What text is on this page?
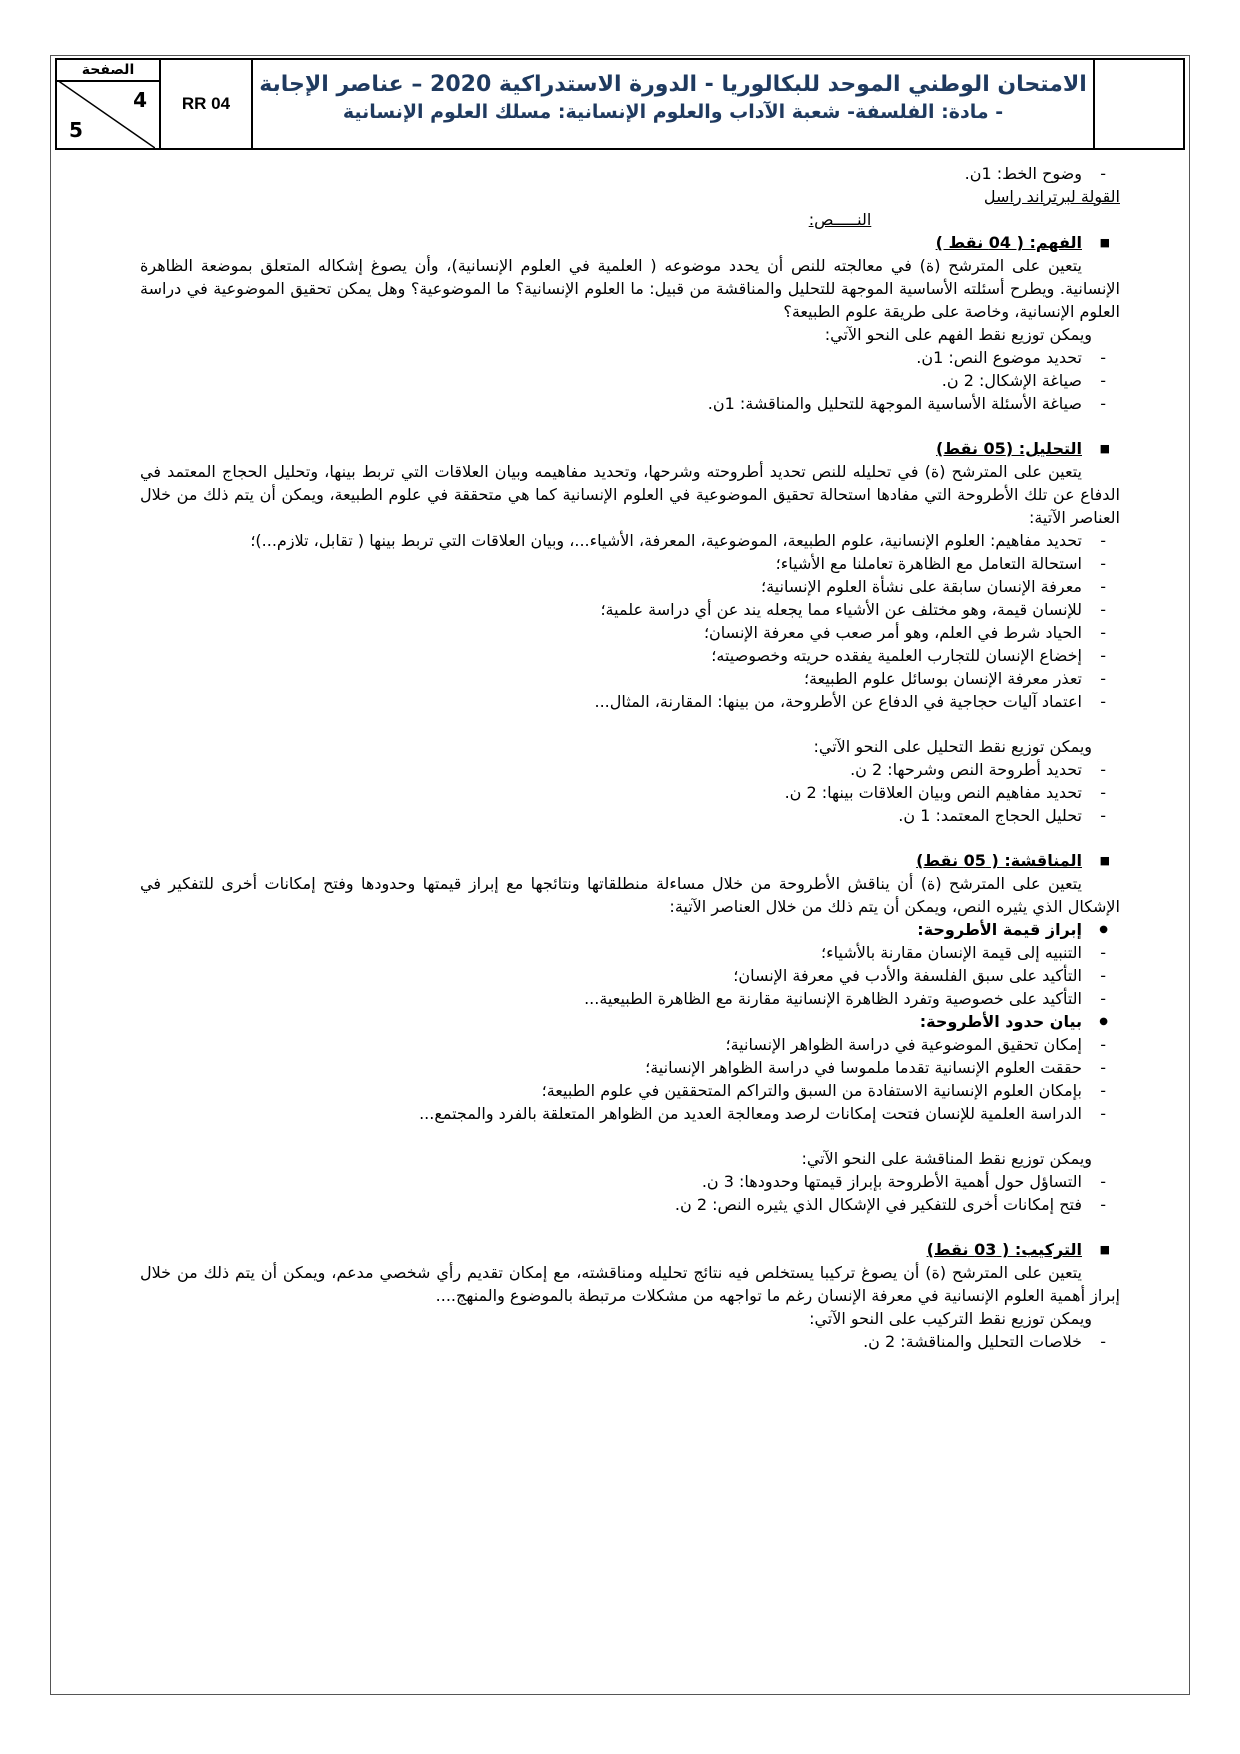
الصفحة
4
5
RR 04
الامتحان الوطني الموحد للبكالوريا - الدورة الاستدراكية 2020 – عناصر الإجابة
- مادة: الفلسفة- شعبة الآداب والعلوم الإنسانية: مسلك العلوم الإنسانية

- وضوح الخط: 1ن.

القولة لبرتراند راسل

النـــــص:

■ الفهم: ( 04 نقط )

يتعين على المترشح (ة) في معالجته للنص أن يحدد موضوعه ( العلمية في العلوم الإنسانية)، وأن يصوغ إشكاله المتعلق بموضعة الظاهرة الإنسانية. ويطرح أسئلته الأساسية الموجهة للتحليل والمناقشة من قبيل: ما العلوم الإنسانية؟ ما الموضوعية؟ وهل يمكن تحقيق الموضوعية في دراسة العلوم الإنسانية، وخاصة على طريقة علوم الطبيعة؟

ويمكن توزيع نقط الفهم على النحو الآتي:

- تحديد موضوع النص: 1ن.

- صياغة الإشكال: 2 ن.

- صياغة الأسئلة الأساسية الموجهة للتحليل والمناقشة: 1ن.

■ التحليل: (05 نقط)

يتعين على المترشح (ة) في تحليله للنص تحديد أطروحته وشرحها، وتحديد مفاهيمه وبيان العلاقات التي تربط بينها، وتحليل الحجاج المعتمد في الدفاع عن تلك الأطروحة التي مفادها استحالة تحقيق الموضوعية في العلوم الإنسانية كما هي متحققة في علوم الطبيعة، ويمكن أن يتم ذلك من خلال العناصر الآتية:

- تحديد مفاهيم: العلوم الإنسانية، علوم الطبيعة، الموضوعية، المعرفة، الأشياء...، وبيان العلاقات التي تربط بينها ( تقابل، تلازم...)؛

- استحالة التعامل مع الظاهرة تعاملنا مع الأشياء؛

- معرفة الإنسان سابقة على نشأة العلوم الإنسانية؛

- للإنسان قيمة، وهو مختلف عن الأشياء مما يجعله يند عن أي دراسة علمية؛

- الحياد شرط في العلم، وهو أمر صعب في معرفة الإنسان؛

- إخضاع الإنسان للتجارب العلمية يفقده حريته وخصوصيته؛

- تعذر معرفة الإنسان بوسائل علوم الطبيعة؛

- اعتماد آليات حجاجية في الدفاع عن الأطروحة، من بينها: المقارنة، المثال...

ويمكن توزيع نقط التحليل على النحو الآتي:

- تحديد أطروحة النص وشرحها: 2 ن.

- تحديد مفاهيم النص وبيان العلاقات بينها: 2 ن.

- تحليل الحجاج المعتمد: 1 ن.

■ المناقشة: ( 05 نقط)

يتعين على المترشح (ة) أن يناقش الأطروحة من خلال مساءلة منطلقاتها ونتائجها مع إبراز قيمتها وحدودها وفتح إمكانات أخرى للتفكير في الإشكال الذي يثيره النص، ويمكن أن يتم ذلك من خلال العناصر الآتية:

● إبراز قيمة الأطروحة:

- التنبيه إلى قيمة الإنسان مقارنة بالأشياء؛

- التأكيد على سبق الفلسفة والأدب في معرفة الإنسان؛

- التأكيد على خصوصية وتفرد الظاهرة الإنسانية مقارنة مع الظاهرة الطبيعية...

● بيان حدود الأطروحة:

- إمكان تحقيق الموضوعية في دراسة الظواهر الإنسانية؛

- حققت العلوم الإنسانية تقدما ملموسا في دراسة الظواهر الإنسانية؛

- بإمكان العلوم الإنسانية الاستفادة من السبق والتراكم المتحققين في علوم الطبيعة؛

- الدراسة العلمية للإنسان فتحت إمكانات لرصد ومعالجة العديد من الظواهر المتعلقة بالفرد والمجتمع...

ويمكن توزيع نقط المناقشة على النحو الآتي:

- التساؤل حول أهمية الأطروحة بإبراز قيمتها وحدودها: 3 ن.

- فتح إمكانات أخرى للتفكير في الإشكال الذي يثيره النص: 2 ن.

■ التركيب: ( 03 نقط)

يتعين على المترشح (ة) أن يصوغ تركيبا يستخلص فيه نتائج تحليله ومناقشته، مع إمكان تقديم رأي شخصي مدعم، ويمكن أن يتم ذلك من خلال إبراز أهمية العلوم الإنسانية في معرفة الإنسان رغم ما تواجهه من مشكلات مرتبطة بالموضوع والمنهج....

ويمكن توزيع نقط التركيب على النحو الآتي:

- خلاصات التحليل والمناقشة: 2 ن.
